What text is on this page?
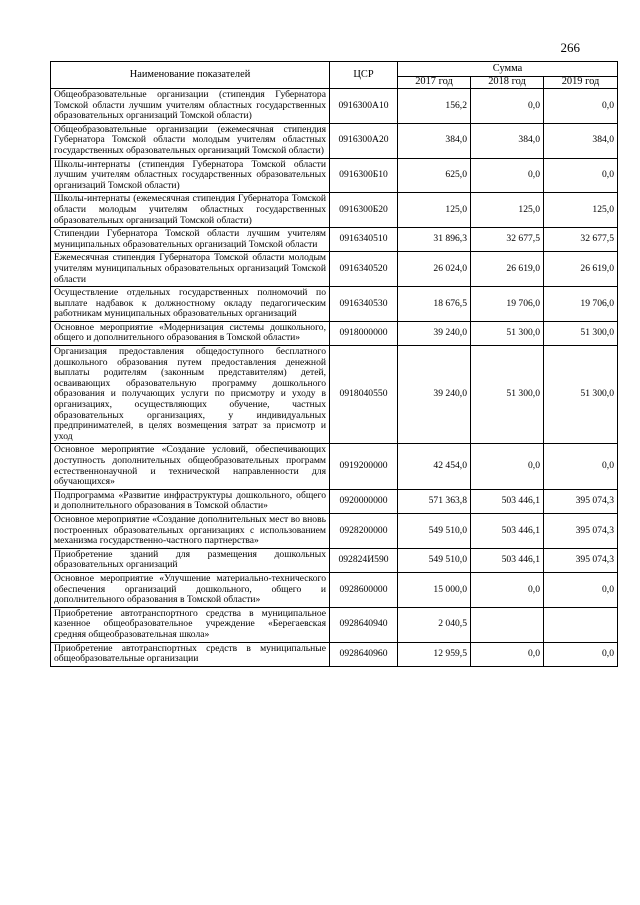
266
Наименование показателей	ЦСР	Сумма		
		2017 год	2018 год	2019 год
Общеобразовательные организации (стипендия Губернатора Томской области лучшим учителям областных государственных образовательных организаций Томской области)	0916300А10	156,2	0,0	0,0
Общеобразовательные организации (ежемесячная стипендия Губернатора Томской области молодым учителям областных государственных образовательных организаций Томской области)	0916300А20	384,0	384,0	384,0
Школы-интернаты (стипендия Губернатора Томской области лучшим учителям областных государственных образовательных организаций Томской области)	0916300Б10	625,0	0,0	0,0
Школы-интернаты (ежемесячная стипендия Губернатора Томской области молодым учителям областных государственных образовательных организаций Томской области)	0916300Б20	125,0	125,0	125,0
Стипендии Губернатора Томской области лучшим учителям муниципальных образовательных организаций Томской области	0916340510	31 896,3	32 677,5	32 677,5
Ежемесячная стипендия Губернатора Томской области молодым учителям муниципальных образовательных организаций Томской области	0916340520	26 024,0	26 619,0	26 619,0
Осуществление отдельных государственных полномочий по выплате надбавок к должностному окладу педагогическим работникам муниципальных образовательных организаций	0916340530	18 676,5	19 706,0	19 706,0
Основное мероприятие «Модернизация системы дошкольного, общего и дополнительного образования в Томской области»	0918000000	39 240,0	51 300,0	51 300,0
Организация предоставления общедоступного бесплатного дошкольного образования путем предоставления денежной выплаты родителям (законным представителям) детей, осваивающих образовательную программу дошкольного образования и получающих услуги по присмотру и уходу в организациях, осуществляющих обучение, частных образовательных организациях, у индивидуальных предпринимателей, в целях возмещения затрат за присмотр и уход	0918040550	39 240,0	51 300,0	51 300,0
Основное мероприятие «Создание условий, обеспечивающих доступность дополнительных общеобразовательных программ естественнонаучной и технической направленности для обучающихся»	0919200000	42 454,0	0,0	0,0
Подпрограмма «Развитие инфраструктуры дошкольного, общего и дополнительного образования в Томской области»	0920000000	571 363,8	503 446,1	395 074,3
Основное мероприятие «Создание дополнительных мест во вновь построенных образовательных организациях с использованием механизма государственно-частного партнерства»	0928200000	549 510,0	503 446,1	395 074,3
Приобретение зданий для размещения дошкольных образовательных организаций	092824И590	549 510,0	503 446,1	395 074,3
Основное мероприятие «Улучшение материально-технического обеспечения организаций дошкольного, общего и дополнительного образования в Томской области»	0928600000	15 000,0	0,0	0,0
Приобретение автотранспортного средства в муниципальное казенное общеобразовательное учреждение «Берегаевская средняя общеобразовательная школа»	0928640940	2 040,5		
Приобретение автотранспортных средств в муниципальные общеобразовательные организации	0928640960	12 959,5	0,0	0,0
